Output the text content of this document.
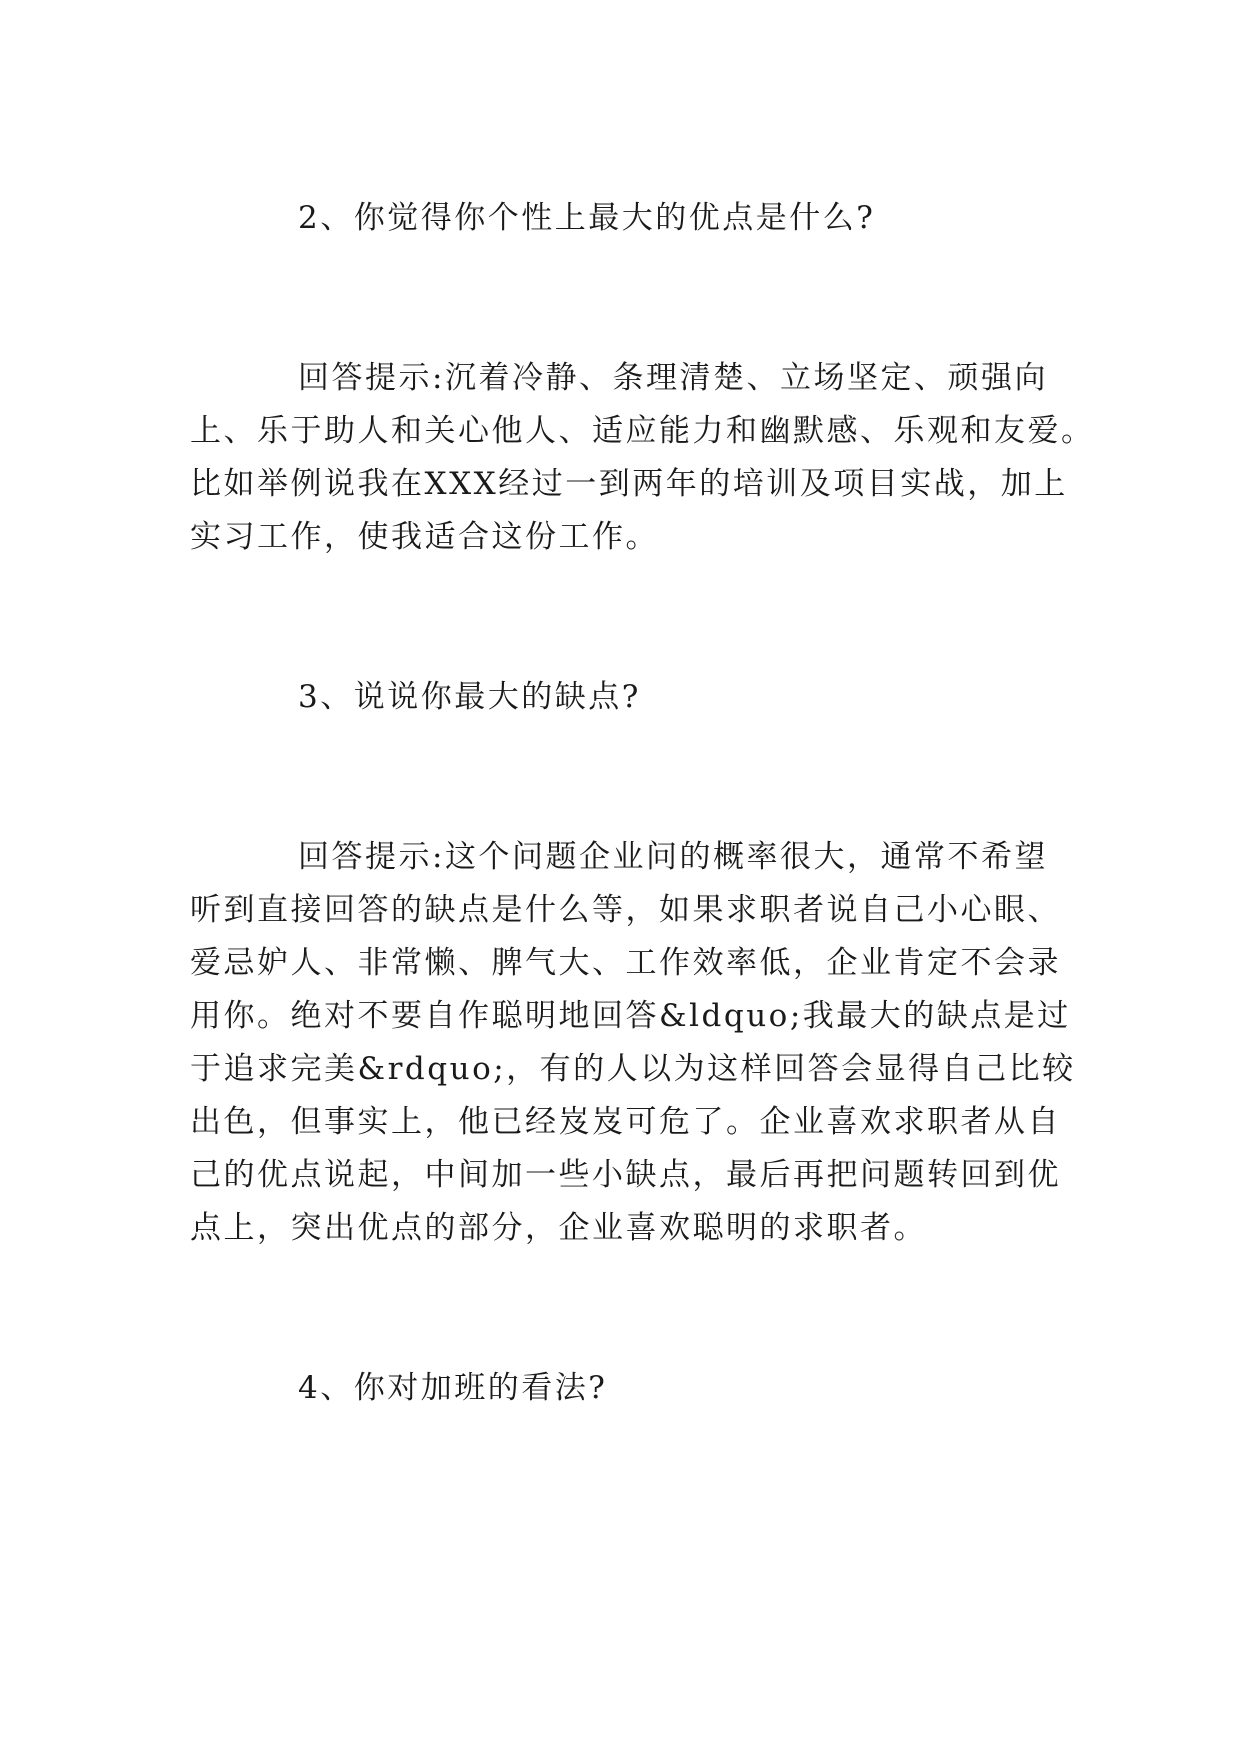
2、你觉得你个性上最大的优点是什么?
回答提示:沉着冷静、条理清楚、立场坚定、顽强向
上、乐于助人和关心他人、适应能力和幽默感、乐观和友爱。
比如举例说我在XXX经过一到两年的培训及项目实战，加上
实习工作，使我适合这份工作。
3、说说你最大的缺点?
回答提示:这个问题企业问的概率很大，通常不希望
听到直接回答的缺点是什么等，如果求职者说自己小心眼、
爱忌妒人、非常懒、脾气大、工作效率低，企业肯定不会录
用你。绝对不要自作聪明地回答&ldquo;我最大的缺点是过
于追求完美&rdquo;，有的人以为这样回答会显得自己比较
出色，但事实上，他已经岌岌可危了。企业喜欢求职者从自
己的优点说起，中间加一些小缺点，最后再把问题转回到优
点上，突出优点的部分，企业喜欢聪明的求职者。
4、你对加班的看法?
